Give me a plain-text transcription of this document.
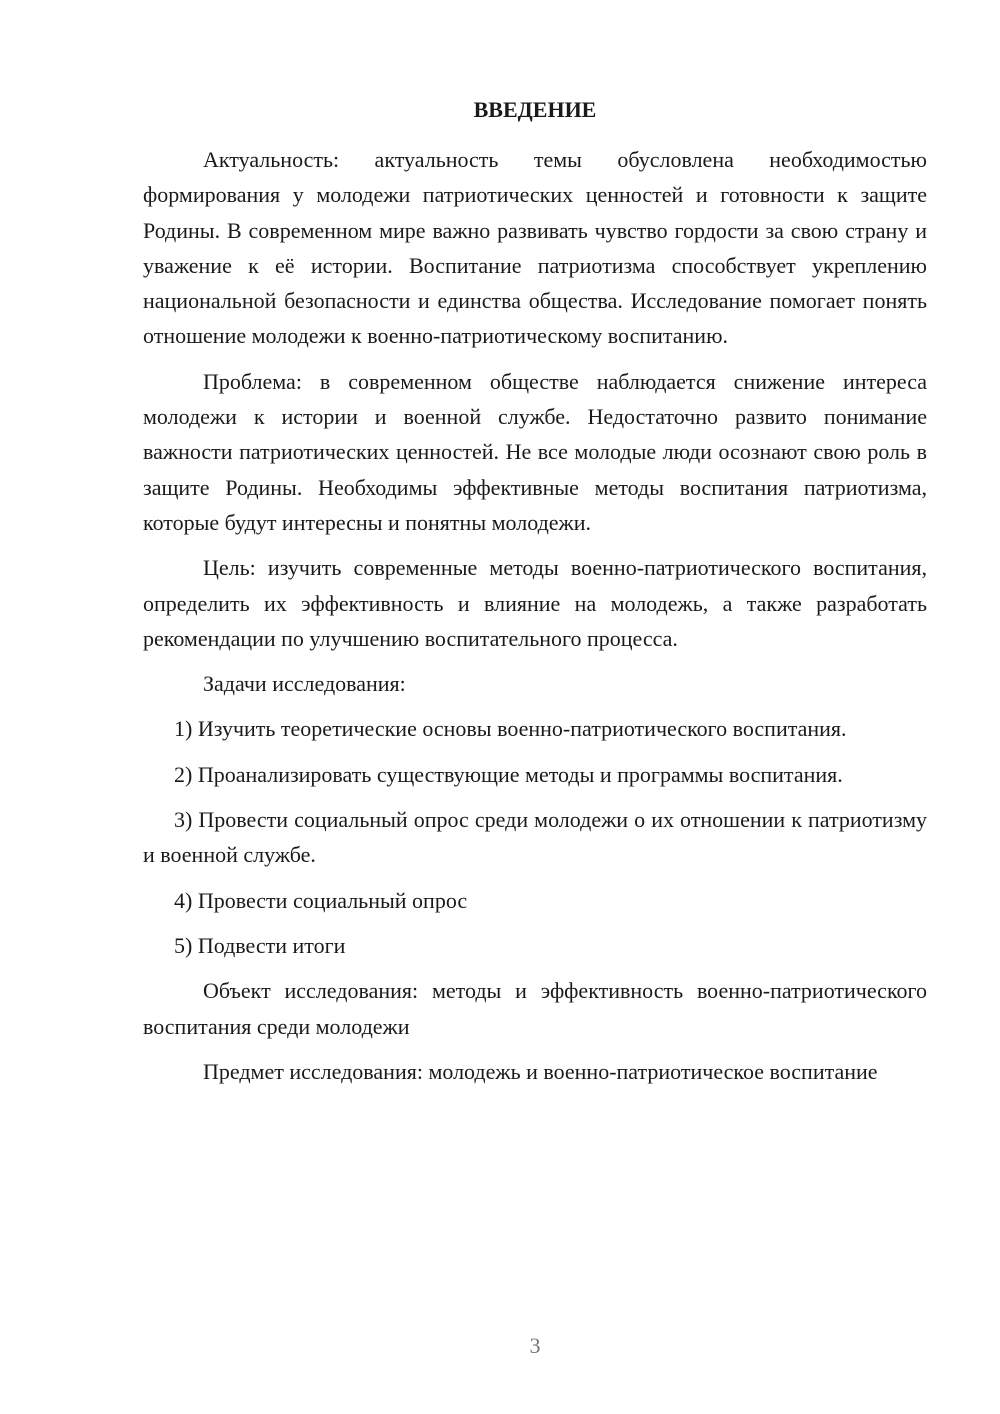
ВВЕДЕНИЕ

Актуальность: актуальность темы обусловлена необходимостью формирования у молодежи патриотических ценностей и готовности к защите Родины. В современном мире важно развивать чувство гордости за свою страну и уважение к её истории. Воспитание патриотизма способствует укреплению национальной безопасности и единства общества. Исследование помогает понять отношение молодежи к военно-патриотическому воспитанию.

Проблема: в современном обществе наблюдается снижение интереса молодежи к истории и военной службе. Недостаточно развито понимание важности патриотических ценностей. Не все молодые люди осознают свою роль в защите Родины. Необходимы эффективные методы воспитания патриотизма, которые будут интересны и понятны молодежи.

Цель: изучить современные методы военно-патриотического воспитания, определить их эффективность и влияние на молодежь, а также разработать рекомендации по улучшению воспитательного процесса.

Задачи исследования:

1) Изучить теоретические основы военно-патриотического воспитания.

2) Проанализировать существующие методы и программы воспитания.

3) Провести социальный опрос среди молодежи о их отношении к патриотизму и военной службе.

4) Провести социальный опрос

5) Подвести итоги

Объект исследования: методы и эффективность военно-патриотического воспитания среди молодежи

Предмет исследования: молодежь и военно-патриотическое воспитание

3
